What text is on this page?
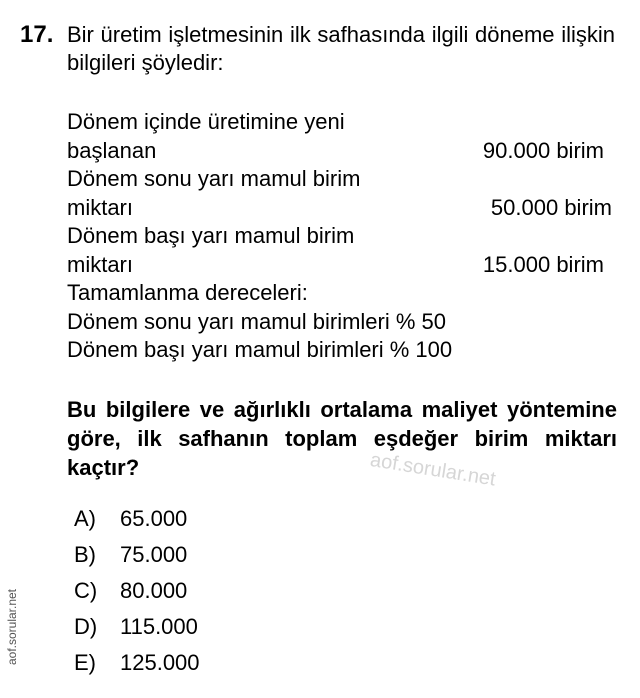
17. Bir üretim işletmesinin ilk safhasında ilgili döneme ilişkin bilgileri şöyledir:
Dönem içinde üretimine yeni
başlanan	90.000 birim
Dönem sonu yarı mamul birim
miktarı	50.000 birim
Dönem başı yarı mamul birim
miktarı	15.000 birim
Tamamlanma dereceleri:
Dönem sonu yarı mamul birimleri % 50
Dönem başı yarı mamul birimleri % 100
Bu bilgilere ve ağırlıklı ortalama maliyet yöntemine göre, ilk safhanın toplam eşdeğer birim miktarı kaçtır?	aof.sorular.net
A)	65.000
B)	75.000
C)	80.000
D)	115.000
E)	125.000
aof.sorular.net
